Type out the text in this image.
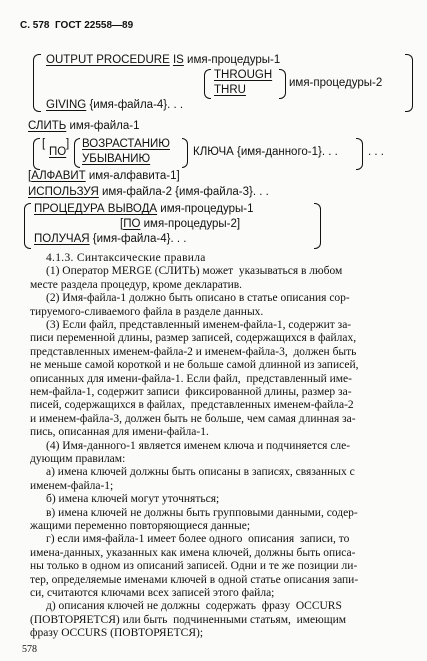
С. 578  ГОСТ 22558—89
OUTPUT PROCEDURE IS имя-процедуры-1
THROUGH
THRU
имя-процедуры-2
GIVING {имя-файла-4}. . .
СЛИТЬ имя-файла-1
[
ПО
] ВОЗРАСТАНИЮ
УБЫВАНИЮ
КЛЮЧА {имя-данного-1}. . .	. . .
[АЛФАВИТ имя-алфавита-1]
ИСПОЛЬЗУЯ имя-файла-2 {имя-файла-3}. . .
ПРОЦЕДУРА ВЫВОДА имя-процедуры-1
[ПО имя-процедуры-2]
ПОЛУЧАЯ {имя-файла-4}. . .
4.1.3. Синтаксические правила
(1) Оператор MERGE (СЛИТЬ) может  указываться в любом
месте раздела процедур, кроме декларатив.
(2) Имя-файла-1 должно быть описано в статье описания сор-
тируемого-сливаемого файла в разделе данных.
(3) Если файл, представленный именем-файла-1, содержит за-
писи переменной длины, размер записей, содержащихся в файлах,
представленных именем-файла-2 и именем-файла-3,  должен быть
не меньше самой короткой и не больше самой длинной из записей,
описанных для имени-файла-1. Если файл,  представленный име-
нем-файла-1, содержит записи  фиксированной длины, размер за-
писей, содержащихся в файлах,  представленных именем-файла-2
и именем-файла-3, должен быть не больше, чем самая длинная за-
пись, описанная для имени-файла-1.
(4) Имя-данного-1 является именем ключа и подчиняется сле-
дующим правилам:
а) имена ключей должны быть описаны в записях, связанных с
именем-файла-1;
б) имена ключей могут уточняться;
в) имена ключей не должны быть групповыми данными, содер-
жащими переменно повторяющиеся данные;
г) если имя-файла-1 имеет более одного  описания  записи, то
имена-данных, указанных как имена ключей, должны быть описа-
ны только в одном из описаний записей. Одни и те же позиции ли-
тер, определяемые именами ключей в одной статье описания запи-
си, считаются ключами всех записей этого файла;
д) описания ключей не должны  содержать  фразу  OCCURS
(ПОВТОРЯЕТСЯ) или быть  подчиненными статьям,  имеющим
фразу OCCURS (ПОВТОРЯЕТСЯ);
578
